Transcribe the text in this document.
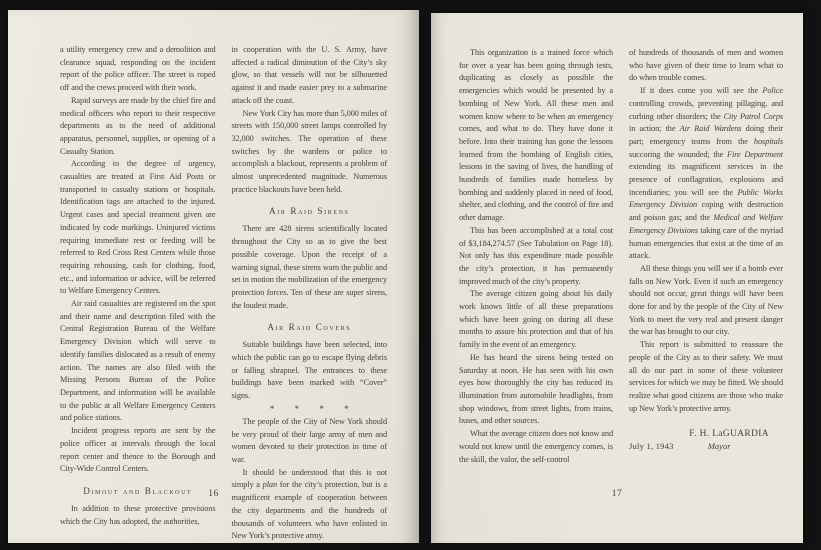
a utility emergency crew and a demolition and clearance squad, responding on the incident report of the police officer. The street is roped off and the crews proceed with their work.

Rapid surveys are made by the chief fire and medical officers who report to their respective departments as to the need of additional apparatus, personnel, supplies, or opening of a Casualty Station.

According to the degree of urgency, casualties are treated at First Aid Posts or transported to casualty stations or hospitals. Identification tags are attached to the injured. Urgent cases and special treatment given are indicated by code markings. Uninjured victims requiring immediate rest or feeding will be referred to Red Cross Rest Centers while those requiring rehousing, cash for clothing, food, etc., and information or advice, will be referred to Welfare Emergency Centers.

Air raid casualties are registered on the spot and their name and description filed with the Central Registration Bureau of the Welfare Emergency Division which will serve to identify families dislocated as a result of enemy action. The names are also filed with the Missing Persons Bureau of the Police Department, and information will be available to the public at all Welfare Emergency Centers and police stations.

Incident progress reports are sent by the police officer at intervals through the local report center and thence to the Borough and City-Wide Control Centers.

Dimout and Blackout

In addition to these protective provisions which the City has adopted, the authorities,

in cooperation with the U. S. Army, have affected a radical diminution of the City’s sky glow, so that vessels will not be silhouetted against it and made easier prey to a submarine attack off the coast.

New York City has more than 5,000 miles of streets with 150,000 street lamps controlled by 32,000 switches. The operation of these switches by the wardens or police to accomplish a blackout, represents a problem of almost unprecedented magnitude. Numerous practice blackouts have been held.

Air Raid Sirens

There are 428 sirens scientifically located throughout the City so as to give the best possible coverage. Upon the receipt of a warning signal, these sirens warn the public and set in motion the mobilization of the emergency protection forces. Ten of these are super sirens, the loudest made.

Air Raid Covers

Suitable buildings have been selected, into which the public can go to escape flying debris or falling shrapnel. The entrances to these buildings have been marked with “Cover” signs.

* * * *

The people of the City of New York should be very proud of their large army of men and women devoted to their protection in time of war.

It should be understood that this is not simply a plan for the city’s protection, but is a magnificent example of cooperation between the city departments and the hundreds of thousands of volunteers who have enlisted in New York’s protective army.

16

This organization is a trained force which for over a year has been going through tests, duplicating as closely as possible the emergencies which would be presented by a bombing of New York. All these men and women know where to be when an emergency comes, and what to do. They have done it before. Into their training has gone the lessons learned from the bombing of English cities, lessons in the saving of lives, the handling of hundreds of families made homeless by bombing and suddenly placed in need of food, shelter, and clothing, and the control of fire and other damage.

This has been accomplished at a total cost of $3,184,274.57 (See Tabulation on Page 18). Not only has this expenditure made possible the city’s protection, it has permanently improved much of the city’s property.

The average citizen going about his daily work knows little of all these preparations which have been going on during all these months to assure his protection and that of his family in the event of an emergency.

He has heard the sirens being tested on Saturday at noon. He has seen with his own eyes how thoroughly the city has reduced its illumination from automobile headlights, from shop windows, from street lights, from trains, buses, and other sources.

What the average citizen does not know and would not know until the emergency comes, is the skill, the valor, the self-control

of hundreds of thousands of men and women who have given of their time to learn what to do when trouble comes.

If it does come you will see the Police controlling crowds, preventing pillaging, and curbing other disorders; the City Patrol Corps in action; the Air Raid Wardens doing their part; emergency teams from the hospitals succoring the wounded; the Fire Department extending its magnificent services in the presence of conflagration, explosions and incendiaries; you will see the Public Works Emergency Division coping with destruction and poison gas; and the Medical and Welfare Emergency Divisions taking care of the myriad human emergencies that exist at the time of an attack.

All these things you will see if a bomb ever falls on New York. Even if such an emergency should not occur, great things will have been done for and by the people of the City of New York to meet the very real and present danger the war has brought to our city.

This report is submitted to reassure the people of the City as to their safety. We must all do our part in some of these volunteer services for which we may be fitted. We should realize what good citizens are those who make up New York’s protective army.

F. H. LaGUARDIA
July 1, 1943	Mayor
17
